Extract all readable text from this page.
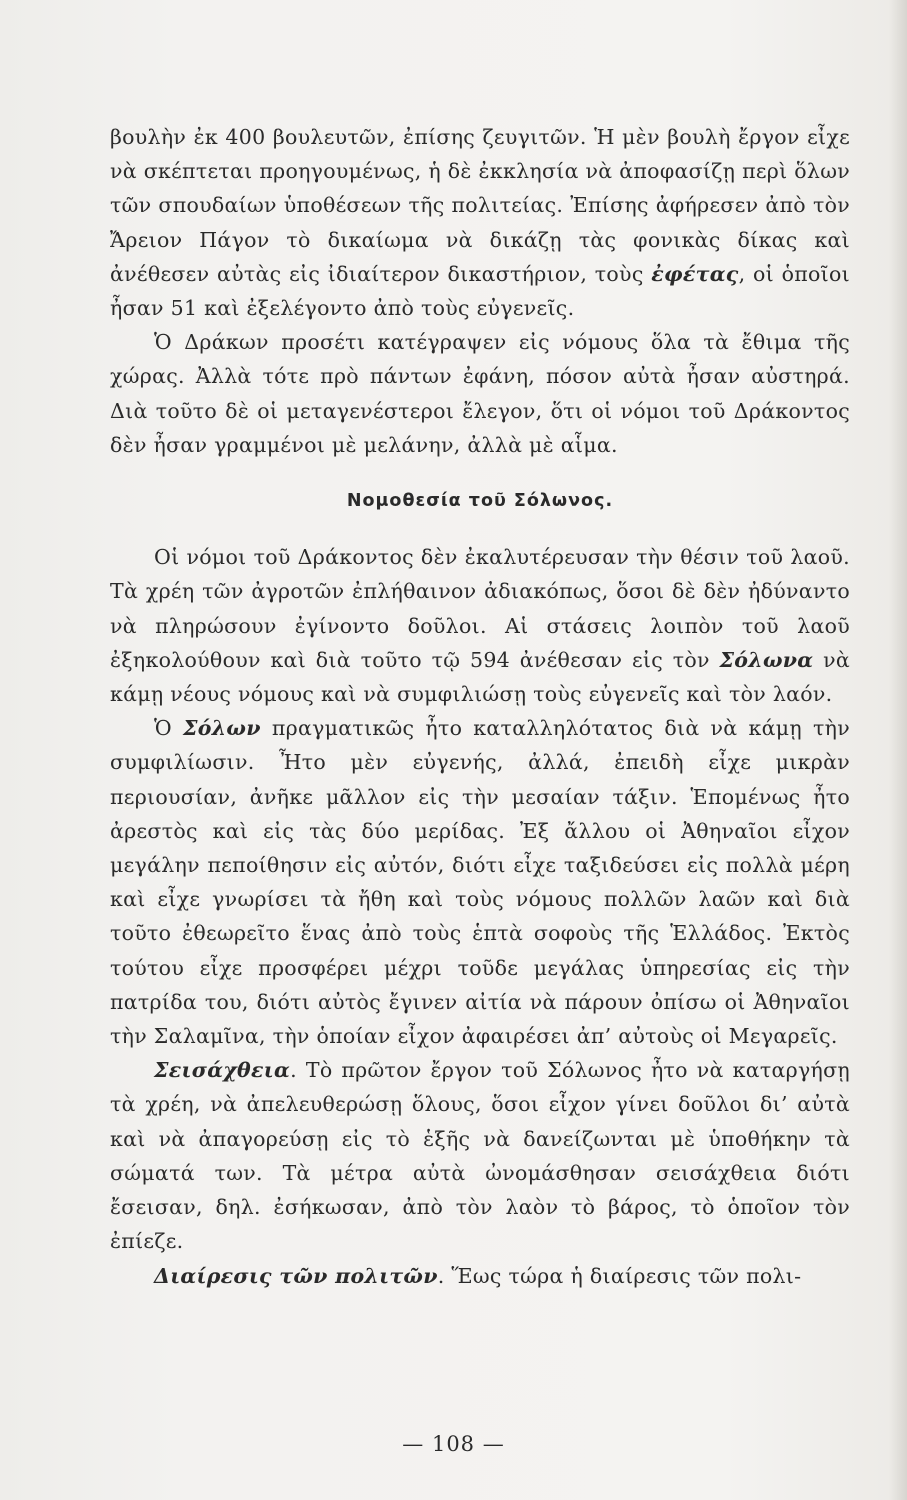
βουλὴν ἐκ 400 βουλευτῶν, ἐπίσης ζευγιτῶν. Ἡ μὲν βουλὴ ἔργον εἶχε νὰ σκέπτεται προηγουμένως, ἡ δὲ ἐκκλησία νὰ ἀποφασίζῃ περὶ ὅλων τῶν σπουδαίων ὑποθέσεων τῆς πολιτείας. Ἐπίσης ἀφήρεσεν ἀπὸ τὸν Ἄρειον Πάγον τὸ δικαίωμα νὰ δικάζῃ τὰς φονικὰς δίκας καὶ ἀνέθεσεν αὐτὰς εἰς ἰδιαίτερον δικαστήριον, τοὺς ἐφέτας, οἱ ὁποῖοι ἦσαν 51 καὶ ἐξελέγοντο ἀπὸ τοὺς εὐγενεῖς.

Ὁ Δράκων προσέτι κατέγραψεν εἰς νόμους ὅλα τὰ ἔθιμα τῆς χώρας. Ἀλλὰ τότε πρὸ πάντων ἐφάνη, πόσον αὐτὰ ἦσαν αὐστηρά. Διὰ τοῦτο δὲ οἱ μεταγενέστεροι ἔλεγον, ὅτι οἱ νόμοι τοῦ Δράκοντος δὲν ἦσαν γραμμένοι μὲ μελάνην, ἀλλὰ μὲ αἷμα.

Νομοθεσία τοῦ Σόλωνος.

Οἱ νόμοι τοῦ Δράκοντος δὲν ἐκαλυτέρευσαν τὴν θέσιν τοῦ λαοῦ. Τὰ χρέη τῶν ἀγροτῶν ἐπλήθαινον ἀδιακόπως, ὅσοι δὲ δὲν ἠδύναντο νὰ πληρώσουν ἐγίνοντο δοῦλοι. Αἱ στάσεις λοιπὸν τοῦ λαοῦ ἐξηκολούθουν καὶ διὰ τοῦτο τῷ 594 ἀνέθεσαν εἰς τὸν Σόλωνα νὰ κάμῃ νέους νόμους καὶ νὰ συμφιλιώσῃ τοὺς εὐγενεῖς καὶ τὸν λαόν.

Ὁ Σόλων πραγματικῶς ἦτο καταλληλότατος διὰ νὰ κάμῃ τὴν συμφιλίωσιν. Ἦτο μὲν εὐγενής, ἀλλά, ἐπειδὴ εἶχε μικρὰν περιουσίαν, ἀνῆκε μᾶλλον εἰς τὴν μεσαίαν τάξιν. Ἑπομένως ἦτο ἀρεστὸς καὶ εἰς τὰς δύο μερίδας. Ἐξ ἄλλου οἱ Ἀθηναῖοι εἶχον μεγάλην πεποίθησιν εἰς αὐτόν, διότι εἶχε ταξιδεύσει εἰς πολλὰ μέρη καὶ εἶχε γνωρίσει τὰ ἤθη καὶ τοὺς νόμους πολλῶν λαῶν καὶ διὰ τοῦτο ἐθεωρεῖτο ἕνας ἀπὸ τοὺς ἑπτὰ σοφοὺς τῆς Ἑλλάδος. Ἐκτὸς τούτου εἶχε προσφέρει μέχρι τοῦδε μεγάλας ὑπηρεσίας εἰς τὴν πατρίδα του, διότι αὐτὸς ἔγινεν αἰτία νὰ πάρουν ὀπίσω οἱ Ἀθηναῖοι τὴν Σαλαμῖνα, τὴν ὁποίαν εἶχον ἀφαιρέσει ἀπ’ αὐτοὺς οἱ Μεγαρεῖς.

Σεισάχθεια. Τὸ πρῶτον ἔργον τοῦ Σόλωνος ἦτο νὰ καταργήσῃ τὰ χρέη, νὰ ἀπελευθερώσῃ ὅλους, ὅσοι εἶχον γίνει δοῦλοι δι’ αὐτὰ καὶ νὰ ἀπαγορεύσῃ εἰς τὸ ἑξῆς νὰ δανείζωνται μὲ ὑποθήκην τὰ σώματά των. Τὰ μέτρα αὐτὰ ὠνομάσθησαν σεισάχθεια διότι ἔσεισαν, δηλ. ἐσήκωσαν, ἀπὸ τὸν λαὸν τὸ βάρος, τὸ ὁποῖον τὸν ἐπίεζε.

Διαίρεσις τῶν πολιτῶν. Ἕως τώρα ἡ διαίρεσις τῶν πολι-

— 108 —
